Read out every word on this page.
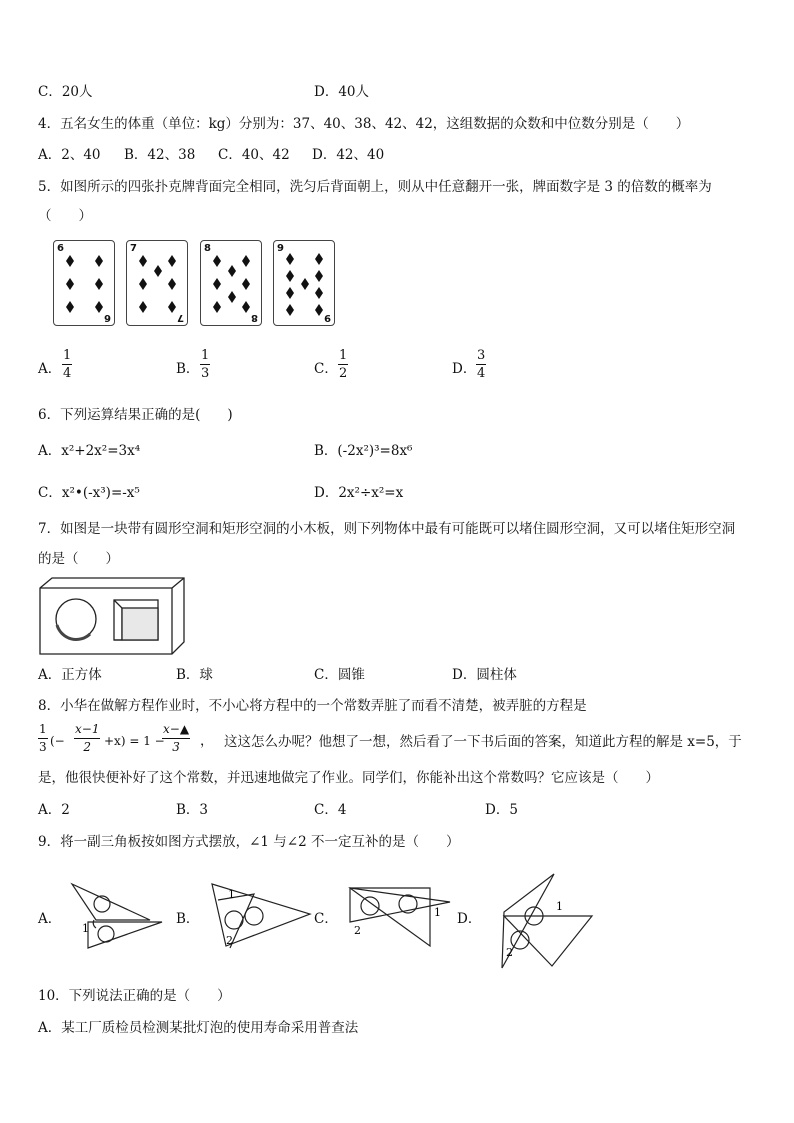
C．20人	D．40人
4．五名女生的体重（单位：kg）分别为：37、40、38、42、42，这组数据的众数和中位数分别是（　　）
A．2、40 B．42、38 C．40、42 D．42、40
5．如图所示的四张扑克牌背面完全相同，洗匀后背面朝上，则从中任意翻开一张，牌面数字是 3 的倍数的概率为
（　　）
6
6
7
7
8
8
9
9
A．
1
4	B．
1
3	C．
1
2	D．
3
4
6．下列运算结果正确的是(　　)
A．x²+2x²=3x⁴	B．(-2x²)³=8x⁶
C．x²•(-x³)=-x⁵	D．2x²÷x²=x
7．如图是一块带有圆形空洞和矩形空洞的小木板，则下列物体中最有可能既可以堵住圆形空洞，又可以堵住矩形空洞
的是（　　）
A．正方体	B．球	C．圆锥	D．圆柱体
8．小华在做解方程作业时，不小心将方程中的一个常数弄脏了而看不清楚，被弄脏的方程是
1
3 (−
x−1
2 +x) = 1 −
x−▲
3 ， 这这怎么办呢？他想了一想，然后看了一下书后面的答案，知道此方程的解是 x=5，于
是，他很快便补好了这个常数，并迅速地做完了作业。同学们，你能补出这个常数吗？它应该是（　　）
A．2	B．3	C．4	D．5
9．将一副三角板按如图方式摆放，∠1 与∠2 不一定互补的是（　　）
A．
1
B．
1
2
C．	1
2
D．
1
2
10．下列说法正确的是（　　）
A．某工厂质检员检测某批灯泡的使用寿命采用普查法
